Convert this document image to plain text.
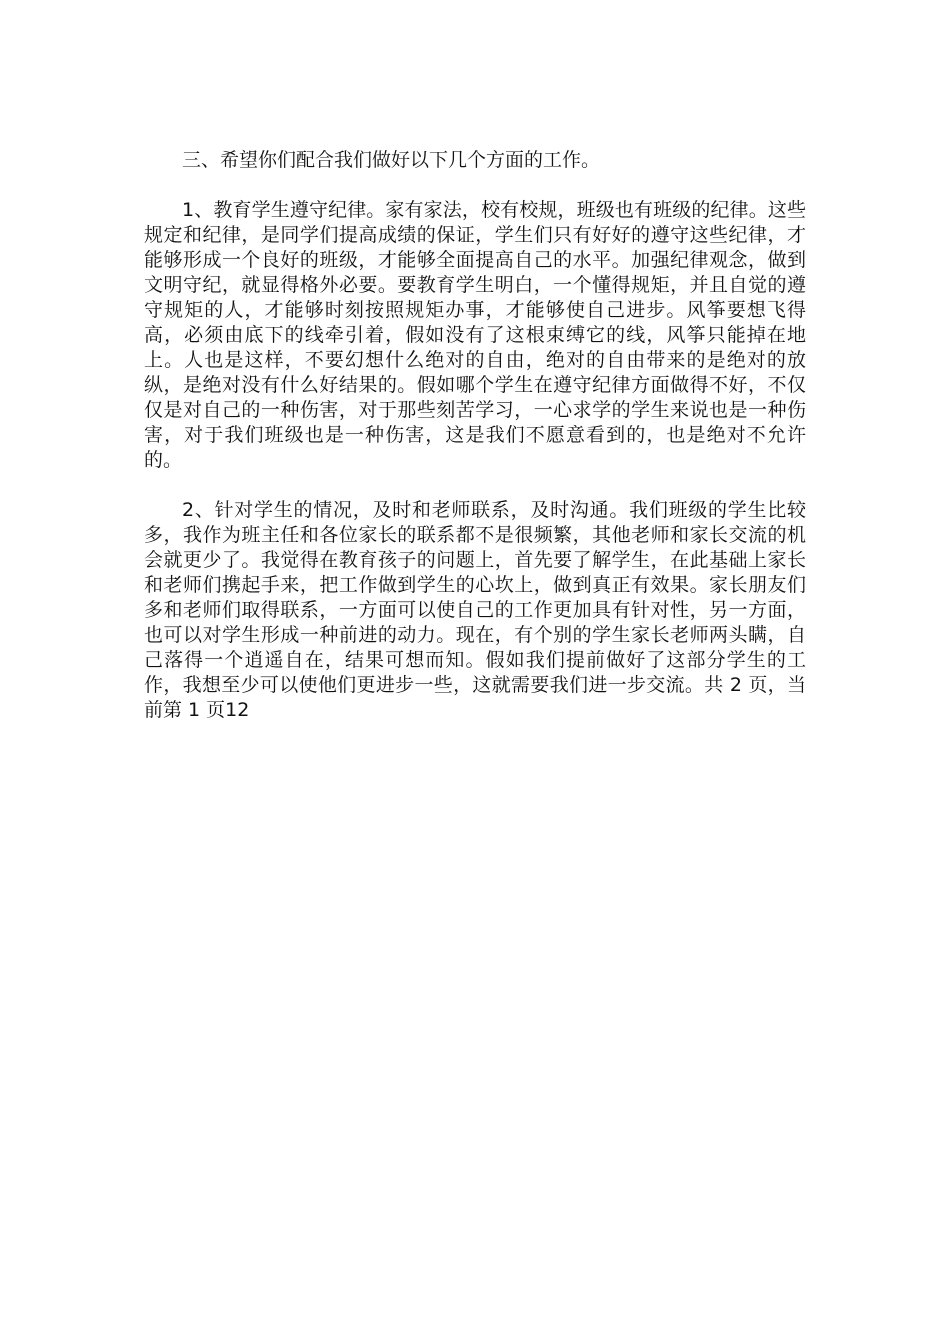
三、希望你们配合我们做好以下几个方面的工作。

1、教育学生遵守纪律。家有家法，校有校规，班级也有班级的纪律。这些规定和纪律，是同学们提高成绩的保证，学生们只有好好的遵守这些纪律，才能够形成一个良好的班级，才能够全面提高自己的水平。加强纪律观念，做到文明守纪，就显得格外必要。要教育学生明白，一个懂得规矩，并且自觉的遵守规矩的人，才能够时刻按照规矩办事，才能够使自己进步。风筝要想飞得高，必须由底下的线牵引着，假如没有了这根束缚它的线，风筝只能掉在地上。人也是这样，不要幻想什么绝对的自由，绝对的自由带来的是绝对的放纵，是绝对没有什么好结果的。假如哪个学生在遵守纪律方面做得不好，不仅仅是对自己的一种伤害，对于那些刻苦学习，一心求学的学生来说也是一种伤害，对于我们班级也是一种伤害，这是我们不愿意看到的，也是绝对不允许的。

2、针对学生的情况，及时和老师联系，及时沟通。我们班级的学生比较多，我作为班主任和各位家长的联系都不是很频繁，其他老师和家长交流的机会就更少了。我觉得在教育孩子的问题上，首先要了解学生，在此基础上家长和老师们携起手来，把工作做到学生的心坎上，做到真正有效果。家长朋友们多和老师们取得联系，一方面可以使自己的工作更加具有针对性，另一方面，也可以对学生形成一种前进的动力。现在，有个别的学生家长老师两头瞒，自己落得一个逍遥自在，结果可想而知。假如我们提前做好了这部分学生的工作，我想至少可以使他们更进步一些，这就需要我们进一步交流。共 2 页，当前第 1 页12
